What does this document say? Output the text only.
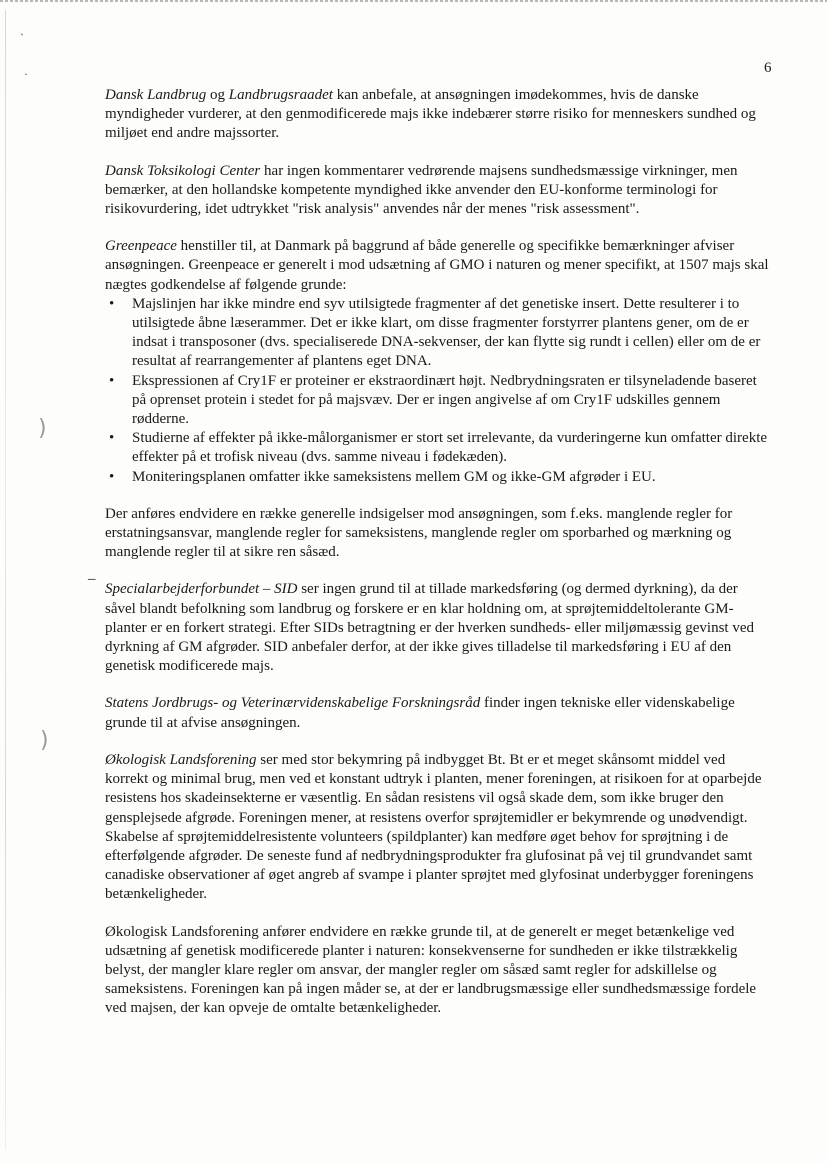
ˋ
·
)
)
6
_

Dansk Landbrug og Landbrugsraadet kan anbefale, at ansøgningen imødekommes, hvis de danske myndigheder vurderer, at den genmodificerede majs ikke indebærer større risiko for menneskers sundhed og miljøet end andre majssorter.

Dansk Toksikologi Center har ingen kommentarer vedrørende majsens sundhedsmæssige virkninger, men bemærker, at den hollandske kompetente myndighed ikke anvender den EU-konforme terminologi for risikovurdering, idet udtrykket "risk analysis" anvendes når der menes "risk assessment".

Greenpeace henstiller til, at Danmark på baggrund af både generelle og specifikke bemærkninger afviser ansøgningen. Greenpeace er generelt i mod udsætning af GMO i naturen og mener specifikt, at 1507 majs skal nægtes godkendelse af følgende grunde:

• Majslinjen har ikke mindre end syv utilsigtede fragmenter af det genetiske insert. Dette resulterer i to utilsigtede åbne læserammer. Det er ikke klart, om disse fragmenter forstyrrer plantens gener, om de er indsat i transposoner (dvs. specialiserede DNA-sekvenser, der kan flytte sig rundt i cellen) eller om de er resultat af rearrangementer af plantens eget DNA.
• Ekspressionen af Cry1F er proteiner er ekstraordinært højt. Nedbrydningsraten er tilsyneladende baseret på oprenset protein i stedet for på majsvæv. Der er ingen angivelse af om Cry1F udskilles gennem rødderne.
• Studierne af effekter på ikke-målorganismer er stort set irrelevante, da vurderingerne kun omfatter direkte effekter på et trofisk niveau (dvs. samme niveau i fødekæden).
• Moniteringsplanen omfatter ikke sameksistens mellem GM og ikke-GM afgrøder i EU.

Der anføres endvidere en række generelle indsigelser mod ansøgningen, som f.eks. manglende regler for erstatningsansvar, manglende regler for sameksistens, manglende regler om sporbarhed og mærkning og manglende regler til at sikre ren såsæd.

Specialarbejderforbundet – SID ser ingen grund til at tillade markedsføring (og dermed dyrkning), da der såvel blandt befolkning som landbrug og forskere er en klar holdning om, at sprøjtemiddeltolerante GM-planter er en forkert strategi. Efter SIDs betragtning er der hverken sundheds- eller miljømæssig gevinst ved dyrkning af GM afgrøder. SID anbefaler derfor, at der ikke gives tilladelse til markedsføring i EU af den genetisk modificerede majs.

Statens Jordbrugs- og Veterinærvidenskabelige Forskningsråd finder ingen tekniske eller videnskabelige grunde til at afvise ansøgningen.

Økologisk Landsforening ser med stor bekymring på indbygget Bt. Bt er et meget skånsomt middel ved korrekt og minimal brug, men ved et konstant udtryk i planten, mener foreningen, at risikoen for at oparbejde resistens hos skadeinsekterne er væsentlig. En sådan resistens vil også skade dem, som ikke bruger den gensplejsede afgrøde. Foreningen mener, at resistens overfor sprøjtemidler er bekymrende og unødvendigt. Skabelse af sprøjtemiddelresistente volunteers (spildplanter) kan medføre øget behov for sprøjtning i de efterfølgende afgrøder. De seneste fund af nedbrydningsprodukter fra glufosinat på vej til grundvandet samt canadiske observationer af øget angreb af svampe i planter sprøjtet med glyfosinat underbygger foreningens betænkeligheder.

Økologisk Landsforening anfører endvidere en række grunde til, at de generelt er meget betænkelige ved udsætning af genetisk modificerede planter i naturen: konsekvenserne for sundheden er ikke tilstrækkelig belyst, der mangler klare regler om ansvar, der mangler regler om såsæd samt regler for adskillelse og sameksistens. Foreningen kan på ingen måder se, at der er landbrugsmæssige eller sundhedsmæssige fordele ved majsen, der kan opveje de omtalte betænkeligheder.
